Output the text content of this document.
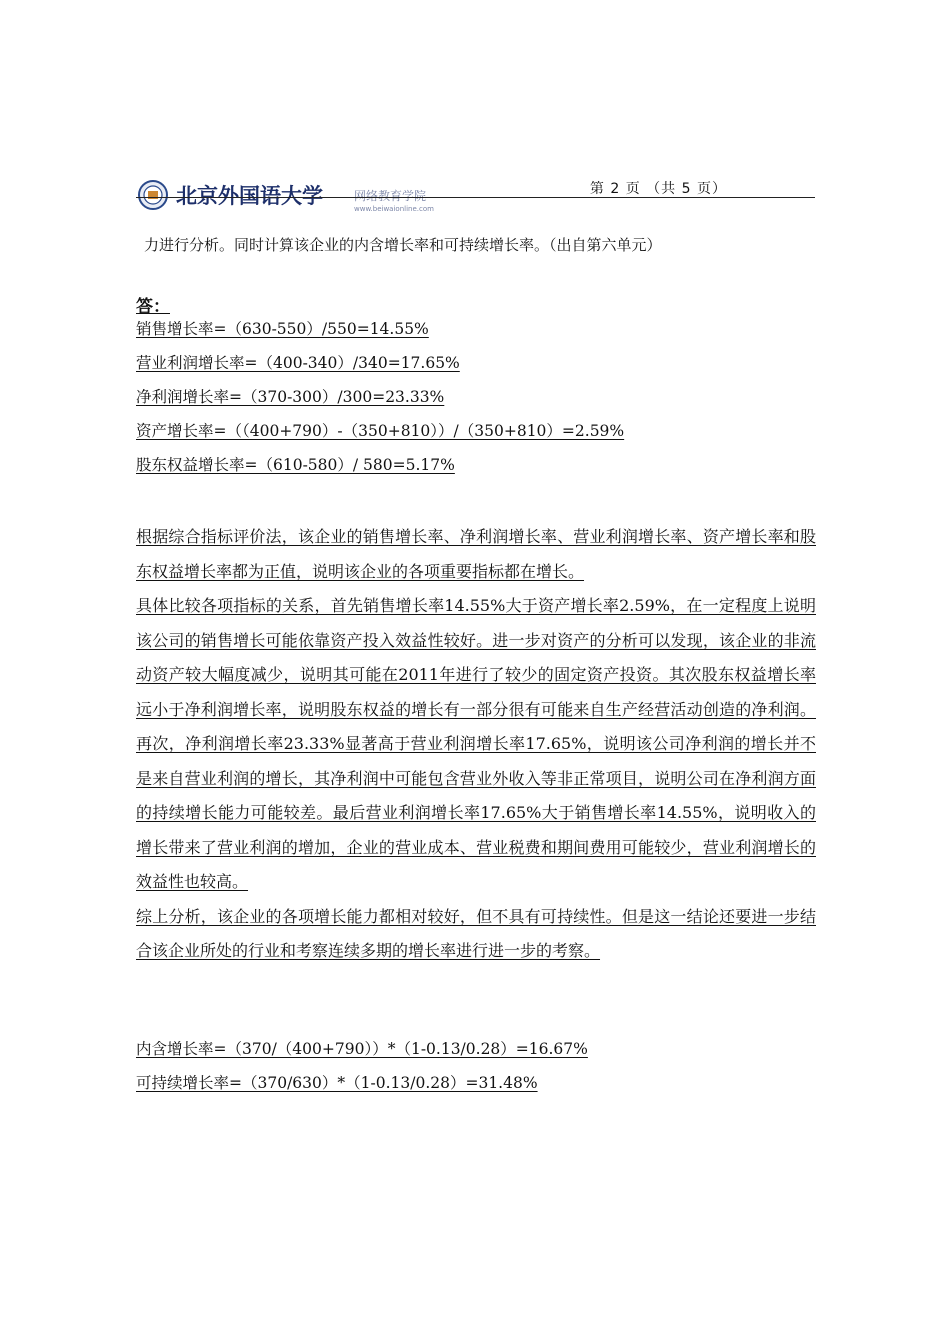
北京外国语大学	网络教育学院
www.beiwaionline.com
第 2 页 （共 5 页）
力进行分析。同时计算该企业的内含增长率和可持续增长率。（出自第六单元）
答：
销售增长率=（630-550）/550=14.55%
营业利润增长率=（400-340）/340=17.65%
净利润增长率=（370-300）/300=23.33%
资产增长率=（（400+790）-（350+810））/（350+810）=2.59%
股东权益增长率=（610-580）/ 580=5.17%
根据综合指标评价法，该企业的销售增长率、净利润增长率、营业利润增长率、资产增长率和股东权益增长率都为正值，说明该企业的各项重要指标都在增长。
具体比较各项指标的关系，首先销售增长率14.55%大于资产增长率2.59%，在一定程度上说明该公司的销售增长可能依靠资产投入效益性较好。进一步对资产的分析可以发现，该企业的非流动资产较大幅度减少，说明其可能在2011年进行了较少的固定资产投资。其次股东权益增长率远小于净利润增长率，说明股东权益的增长有一部分很有可能来自生产经营活动创造的净利润。再次，净利润增长率23.33%显著高于营业利润增长率17.65%，说明该公司净利润的增长并不是来自营业利润的增长，其净利润中可能包含营业外收入等非正常项目，说明公司在净利润方面的持续增长能力可能较差。最后营业利润增长率17.65%大于销售增长率14.55%，说明收入的增长带来了营业利润的增加，企业的营业成本、营业税费和期间费用可能较少，营业利润增长的效益性也较高。
综上分析，该企业的各项增长能力都相对较好，但不具有可持续性。但是这一结论还要进一步结合该企业所处的行业和考察连续多期的增长率进行进一步的考察。
内含增长率=（370/（400+790））*（1-0.13/0.28）=16.67%
可持续增长率=（370/630）*（1-0.13/0.28）=31.48%
